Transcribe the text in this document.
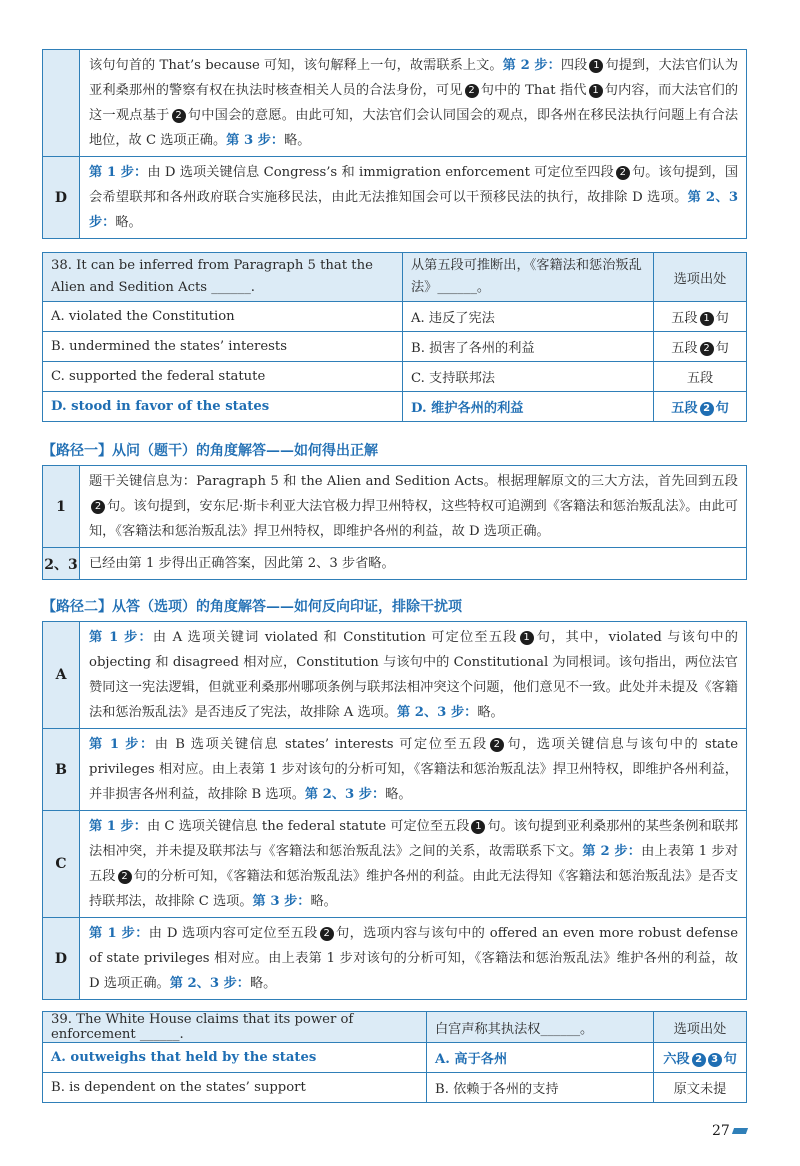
	该句句首的 That’s because 可知，该句解释上一句，故需联系上文。第 2 步：四段 1 句提到，大法官们认为亚利桑那州的警察有权在执法时核查相关人员的合法身份，可见 2 句中的 That 指代 1 句内容，而大法官们的这一观点基于 2 句中国会的意愿。由此可知，大法官们会认同国会的观点，即各州在移民法执行问题上有合法地位，故 C 选项正确。第 3 步：略。
D	第 1 步：由 D 选项关键信息 Congress’s 和 immigration enforcement 可定位至四段 2 句。该句提到，国会希望联邦和各州政府联合实施移民法，由此无法推知国会可以干预移民法的执行，故排除 D 选项。第 2、3 步：略。
38. It can be inferred from Paragraph 5 that the Alien and Sedition Acts ______.	从第五段可推断出，《客籍法和惩治叛乱法》______。	选项出处
A. violated the Constitution	A. 违反了宪法	五段 1 句
B. undermined the states’ interests	B. 损害了各州的利益	五段 2 句
C. supported the federal statute	C. 支持联邦法	五段
D. stood in favor of the states	D. 维护各州的利益	五段 2 句
【路径一】从问（题干）的角度解答——如何得出正解
1	题干关键信息为：Paragraph 5 和 the Alien and Sedition Acts。根据理解原文的三大方法，首先回到五段2 句。该句提到，安东尼·斯卡利亚大法官极力捍卫州特权，这些特权可追溯到《客籍法和惩治叛乱法》。由此可知，《客籍法和惩治叛乱法》捍卫州特权，即维护各州的利益，故 D 选项正确。
2、3	已经由第 1 步得出正确答案，因此第 2、3 步省略。
【路径二】从答（选项）的角度解答——如何反向印证，排除干扰项
A	第 1 步：由 A 选项关键词 violated 和 Constitution 可定位至五段 1 句，其中，violated 与该句中的 objecting 和 disagreed 相对应，Constitution 与该句中的 Constitutional 为同根词。该句指出，两位法官赞同这一宪法逻辑，但就亚利桑那州哪项条例与联邦法相冲突这个问题，他们意见不一致。此处并未提及《客籍法和惩治叛乱法》是否违反了宪法，故排除 A 选项。第 2、3 步：略。
B	第 1 步：由 B 选项关键信息 states’ interests 可定位至五段 2 句，选项关键信息与该句中的 state privileges 相对应。由上表第 1 步对该句的分析可知，《客籍法和惩治叛乱法》捍卫州特权，即维护各州利益，并非损害各州利益，故排除 B 选项。第 2、3 步：略。
C	第 1 步：由 C 选项关键信息 the federal statute 可定位至五段 1 句。该句提到亚利桑那州的某些条例和联邦法相冲突，并未提及联邦法与《客籍法和惩治叛乱法》之间的关系，故需联系下文。第 2 步：由上表第 1 步对五段 2 句的分析可知，《客籍法和惩治叛乱法》维护各州的利益。由此无法得知《客籍法和惩治叛乱法》是否支持联邦法，故排除 C 选项。第 3 步：略。
D	第 1 步：由 D 选项内容可定位至五段 2 句，选项内容与该句中的 offered an even more robust defense of state privileges 相对应。由上表第 1 步对该句的分析可知，《客籍法和惩治叛乱法》维护各州的利益，故 D 选项正确。第 2、3 步：略。
39. The White House claims that its power of enforcement ______.	白宫声称其执法权______。	选项出处
A. outweighs that held by the states	A. 高于各州	六段 2 3 句
B. is dependent on the states’ support	B. 依赖于各州的支持	原文未提
27
